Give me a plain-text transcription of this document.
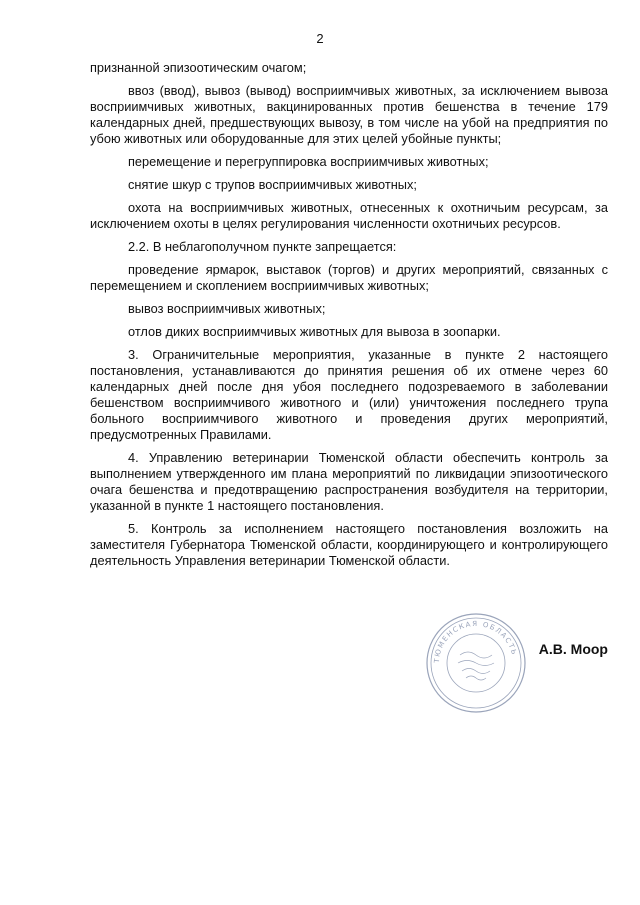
2

признанной эпизоотическим очагом;

ввоз (ввод), вывоз (вывод) восприимчивых животных, за исключением вывоза восприимчивых животных, вакцинированных против бешенства в течение 179 календарных дней, предшествующих вывозу, в том числе на убой на предприятия по убою животных или оборудованные для этих целей убойные пункты;

перемещение и перегруппировка восприимчивых животных;

снятие шкур с трупов восприимчивых животных;

охота на восприимчивых животных, отнесенных к охотничьим ресурсам, за исключением охоты в целях регулирования численности охотничьих ресурсов.

2.2. В неблагополучном пункте запрещается:

проведение ярмарок, выставок (торгов) и других мероприятий, связанных с перемещением и скоплением восприимчивых животных;

вывоз восприимчивых животных;

отлов диких восприимчивых животных для вывоза в зоопарки.

3. Ограничительные мероприятия, указанные в пункте 2 настоящего постановления, устанавливаются до принятия решения об их отмене через 60 календарных дней после дня убоя последнего подозреваемого в заболевании бешенством восприимчивого животного и (или) уничтожения последнего трупа больного восприимчивого животного и проведения других мероприятий, предусмотренных Правилами.

4. Управлению ветеринарии Тюменской области обеспечить контроль за выполнением утвержденного им плана мероприятий по ликвидации эпизоотического очага бешенства и предотвращению распространения возбудителя на территории, указанной в пункте 1 настоящего постановления.

5. Контроль за исполнением настоящего постановления возложить на заместителя Губернатора Тюменской области, координирующего и контролирующего деятельность Управления ветеринарии Тюменской области.

ТЮМЕНСКАЯ ОБЛАСТЬ А.В. Моор
